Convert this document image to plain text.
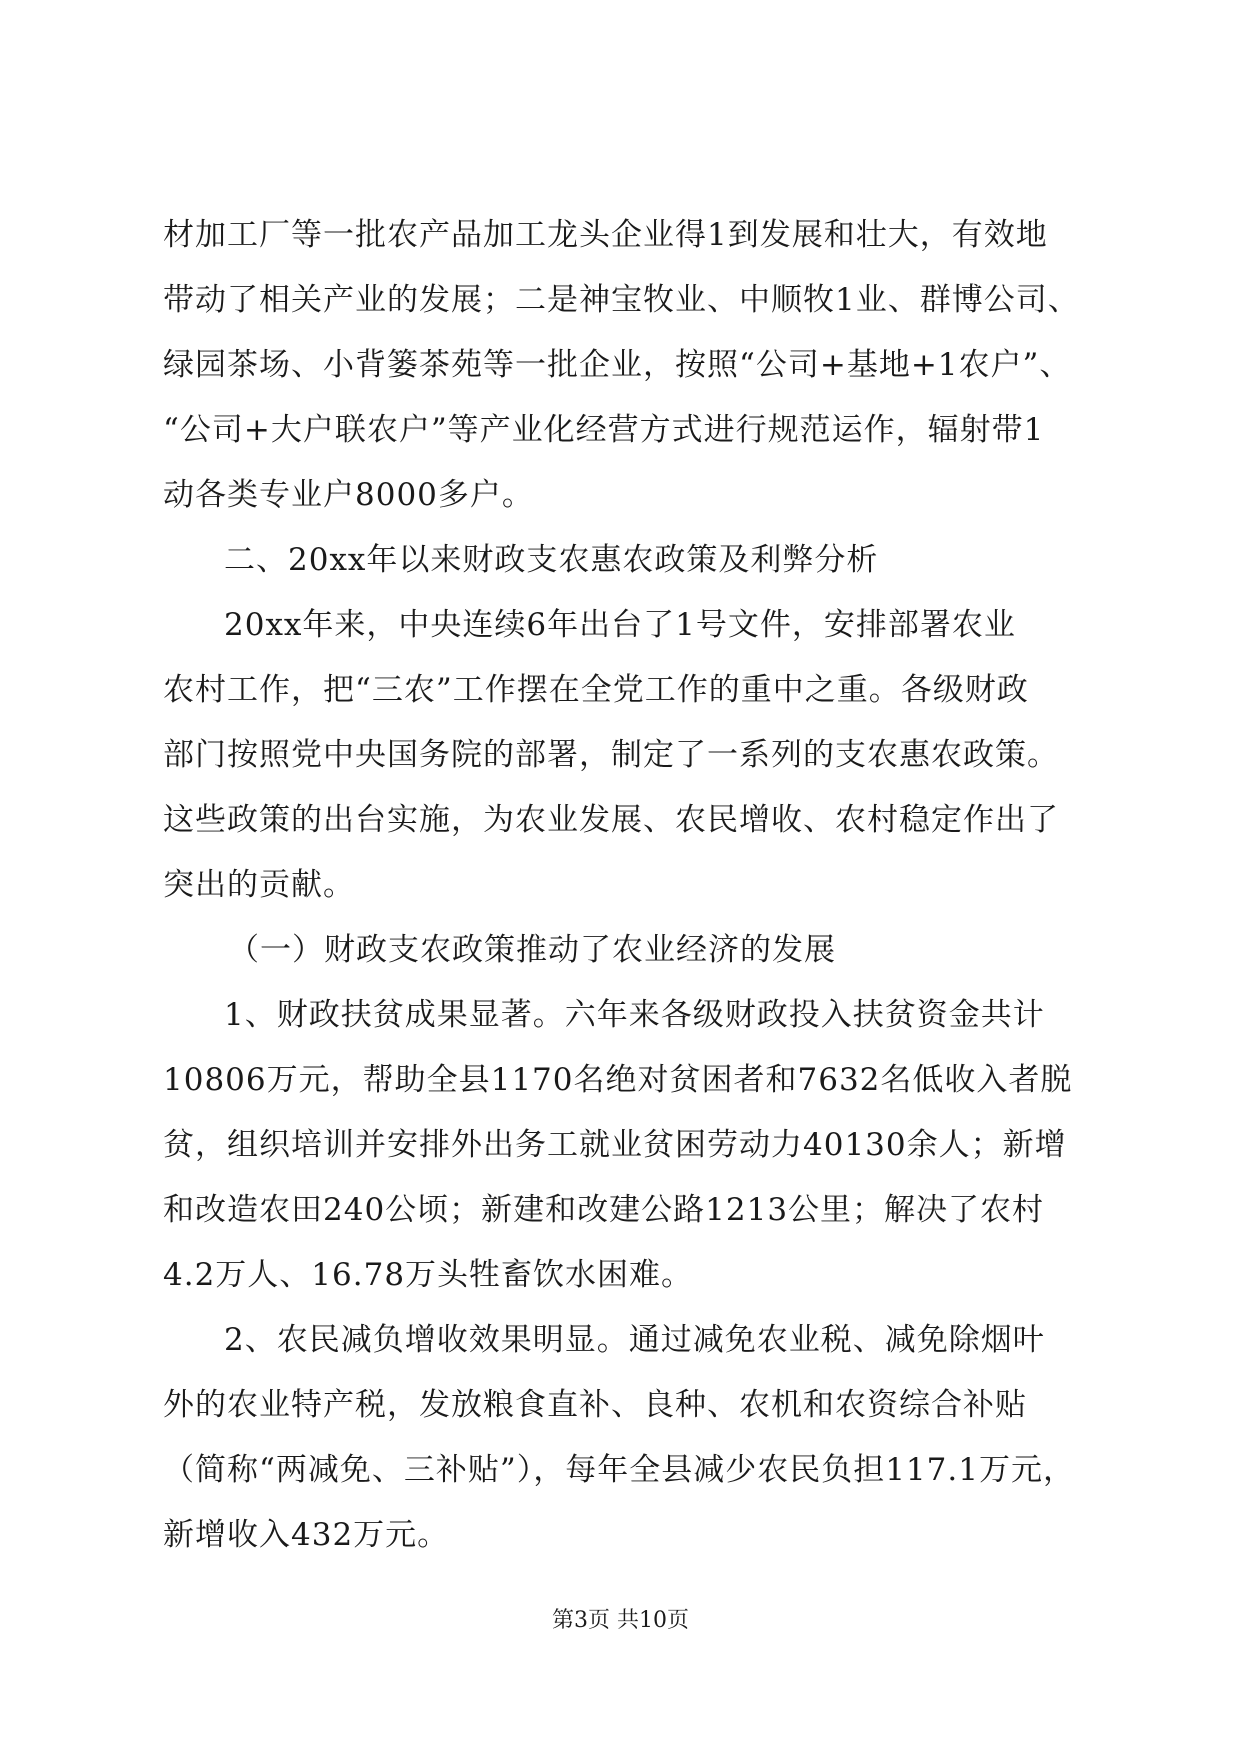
材加工厂等一批农产品加工龙头企业得1到发展和壮大，有效地
带动了相关产业的发展；二是神宝牧业、中顺牧1业、群博公司、
绿园茶场、小背篓茶苑等一批企业，按照“公司+基地+1农户”、
“公司+大户联农户”等产业化经营方式进行规范运作，辐射带1
动各类专业户8000多户。
二、20xx年以来财政支农惠农政策及利弊分析
20xx年来，中央连续6年出台了1号文件，安排部署农业
农村工作，把“三农”工作摆在全党工作的重中之重。各级财政
部门按照党中央国务院的部署，制定了一系列的支农惠农政策。
这些政策的出台实施，为农业发展、农民增收、农村稳定作出了
突出的贡献。
（一）财政支农政策推动了农业经济的发展
1、财政扶贫成果显著。六年来各级财政投入扶贫资金共计
10806万元，帮助全县1170名绝对贫困者和7632名低收入者脱
贫，组织培训并安排外出务工就业贫困劳动力40130余人；新增
和改造农田240公顷；新建和改建公路1213公里；解决了农村
4.2万人、16.78万头牲畜饮水困难。
2、农民减负增收效果明显。通过减免农业税、减免除烟叶
外的农业特产税，发放粮食直补、良种、农机和农资综合补贴
（简称“两减免、三补贴”），每年全县减少农民负担117.1万元，
新增收入432万元。
第3页 共10页
